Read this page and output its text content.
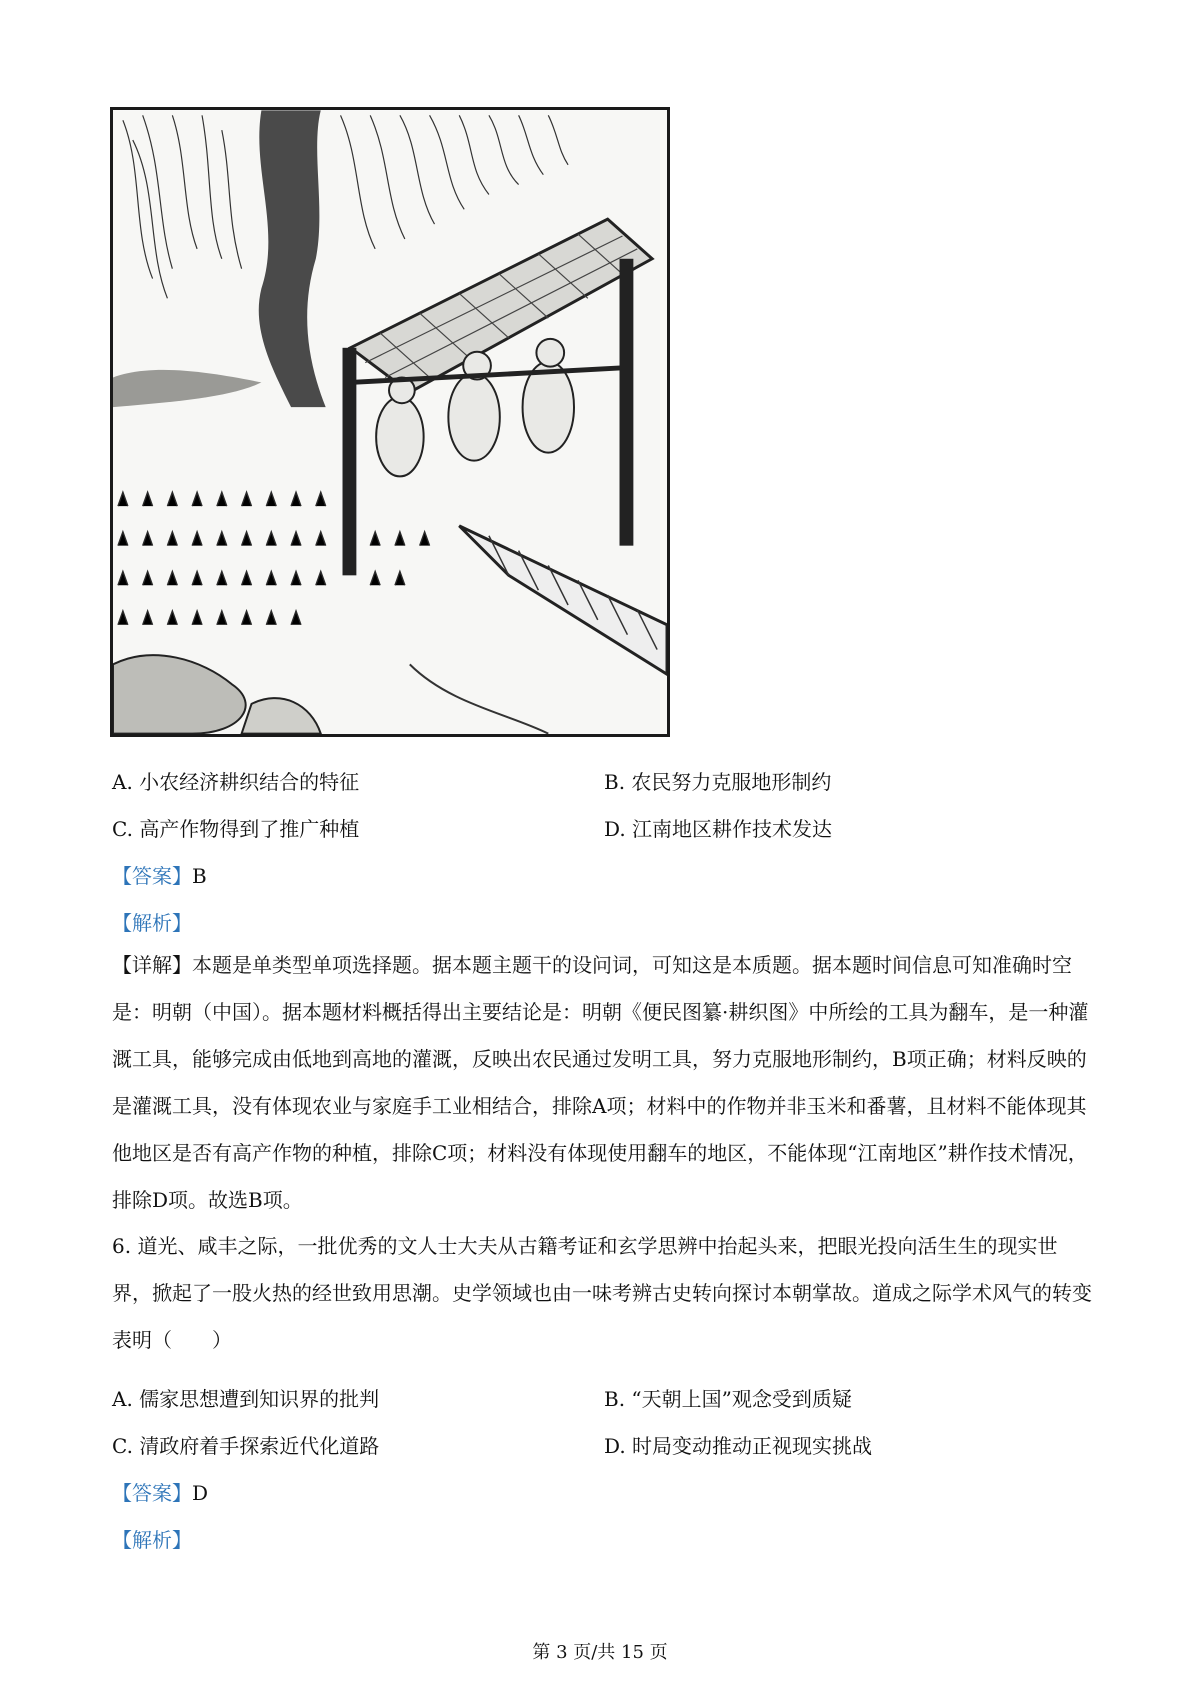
A. 小农经济耕织结合的特征	B. 农民努力克服地形制约
C. 高产作物得到了推广种植	D. 江南地区耕作技术发达
【答案】B
【解析】
【详解】本题是单类型单项选择题。据本题主题干的设问词，可知这是本质题。据本题时间信息可知准确时空是：明朝（中国）。据本题材料概括得出主要结论是：明朝《便民图纂·耕织图》中所绘的工具为翻车，是一种灌溉工具，能够完成由低地到高地的灌溉，反映出农民通过发明工具，努力克服地形制约，B项正确；材料反映的是灌溉工具，没有体现农业与家庭手工业相结合，排除A项；材料中的作物并非玉米和番薯，且材料不能体现其他地区是否有高产作物的种植，排除C项；材料没有体现使用翻车的地区，不能体现“江南地区”耕作技术情况，排除D项。故选B项。
6. 道光、咸丰之际，一批优秀的文人士大夫从古籍考证和玄学思辨中抬起头来，把眼光投向活生生的现实世界，掀起了一股火热的经世致用思潮。史学领域也由一味考辨古史转向探讨本朝掌故。道成之际学术风气的转变表明（　　）
A. 儒家思想遭到知识界的批判	B. “天朝上国”观念受到质疑
C. 清政府着手探索近代化道路	D. 时局变动推动正视现实挑战
【答案】D
【解析】
第 3 页/共 15 页
